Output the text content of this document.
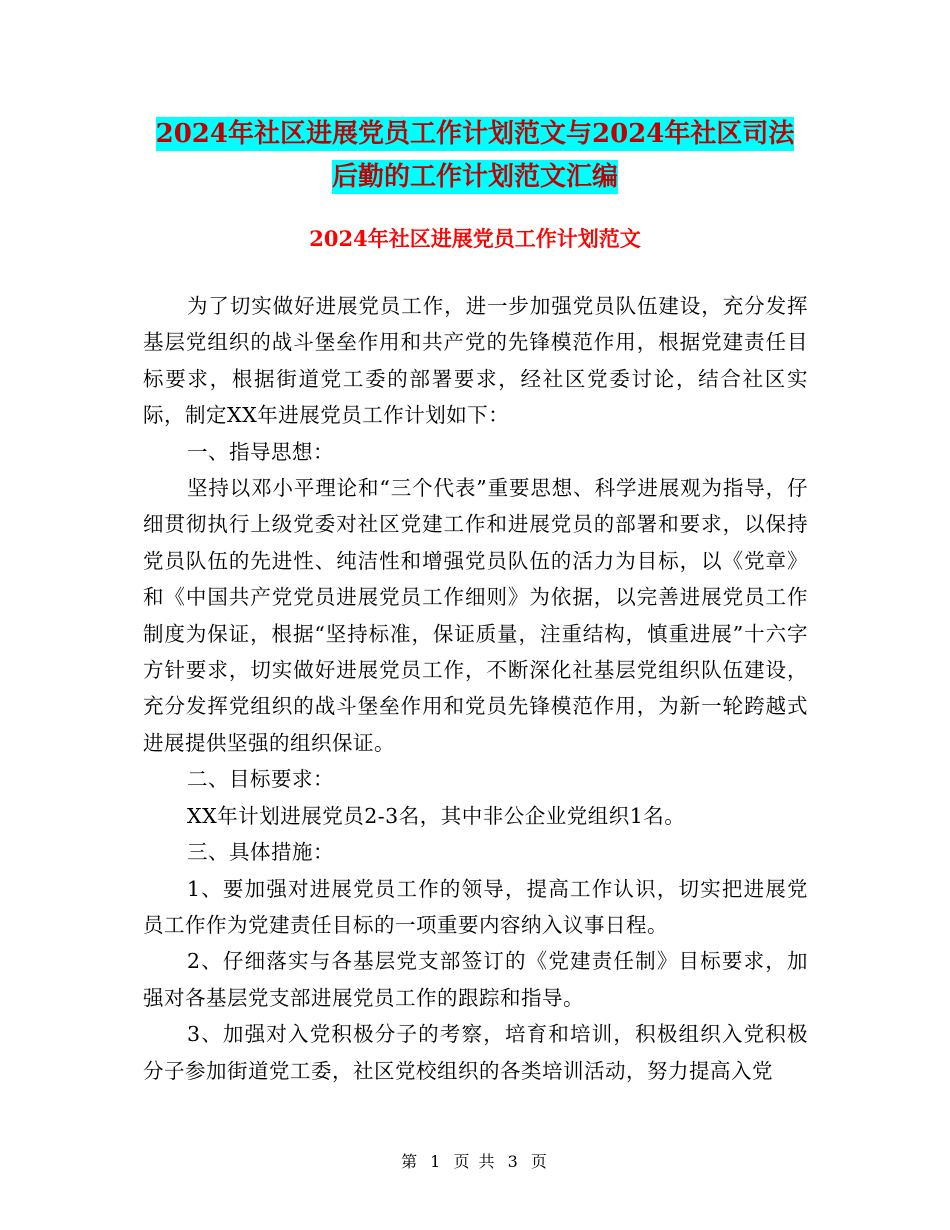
2024年社区进展党员工作计划范文与2024年社区司法
后勤的工作计划范文汇编
2024年社区进展党员工作计划范文

为了切实做好进展党员工作，进一步加强党员队伍建设，充分发挥基层党组织的战斗堡垒作用和共产党的先锋模范作用，根据党建责任目标要求，根据街道党工委的部署要求，经社区党委讨论，结合社区实际，制定XX年进展党员工作计划如下：

一、指导思想：

坚持以邓小平理论和“三个代表”重要思想、科学进展观为指导，仔细贯彻执行上级党委对社区党建工作和进展党员的部署和要求，以保持党员队伍的先进性、纯洁性和增强党员队伍的活力为目标，以《党章》和《中国共产党党员进展党员工作细则》为依据，以完善进展党员工作制度为保证，根据“坚持标准，保证质量，注重结构，慎重进展”十六字方针要求，切实做好进展党员工作，不断深化社基层党组织队伍建设，充分发挥党组织的战斗堡垒作用和党员先锋模范作用，为新一轮跨越式进展提供坚强的组织保证。

二、目标要求：

XX年计划进展党员2-3名，其中非公企业党组织1名。

三、具体措施：

1、要加强对进展党员工作的领导，提高工作认识，切实把进展党员工作作为党建责任目标的一项重要内容纳入议事日程。

2、仔细落实与各基层党支部签订的《党建责任制》目标要求，加强对各基层党支部进展党员工作的跟踪和指导。

3、加强对入党积极分子的考察，培育和培训，积极组织入党积极分子参加街道党工委，社区党校组织的各类培训活动，努力提高入党

第 1 页 共 3 页
